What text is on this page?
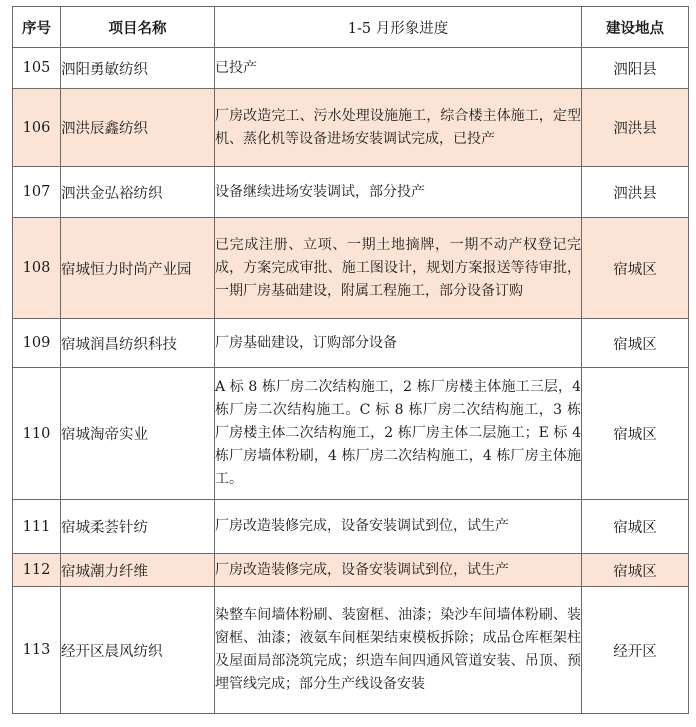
序号	项目名称	1-5 月形象进度	建设地点
105	泗阳勇敏纺织	已投产	泗阳县
106	泗洪辰鑫纺织	厂房改造完工、污水处理设施施工，综合楼主体施工，定型机、蒸化机等设备进场安装调试完成，已投产	泗洪县
107	泗洪金弘裕纺织	设备继续进场安装调试，部分投产	泗洪县
108	宿城恒力时尚产业园	已完成注册、立项、一期土地摘牌，一期不动产权登记完成，方案完成审批、施工图设计，规划方案报送等待审批，一期厂房基础建设，附属工程施工，部分设备订购	宿城区
109	宿城润昌纺织科技	厂房基础建设，订购部分设备	宿城区
110	宿城淘帝实业	A 标 8 栋厂房二次结构施工，2 栋厂房楼主体施工三层，4 栋厂房二次结构施工。C 标 8 栋厂房二次结构施工，3 栋厂房楼主体二次结构施工，2 栋厂房主体二层施工；E 标 4 栋厂房墙体粉刷，4 栋厂房二次结构施工，4 栋厂房主体施工。	宿城区
111	宿城柔荟针纺	厂房改造装修完成，设备安装调试到位，试生产	宿城区
112	宿城潮力纤维	厂房改造装修完成，设备安装调试到位，试生产	宿城区
113	经开区晨风纺织	染整车间墙体粉刷、装窗框、油漆；染沙车间墙体粉刷、装窗框、油漆；液氨车间框架结束模板拆除；成品仓库框架柱及屋面局部浇筑完成；织造车间四通风管道安装、吊顶、预埋管线完成；部分生产线设备安装	经开区
